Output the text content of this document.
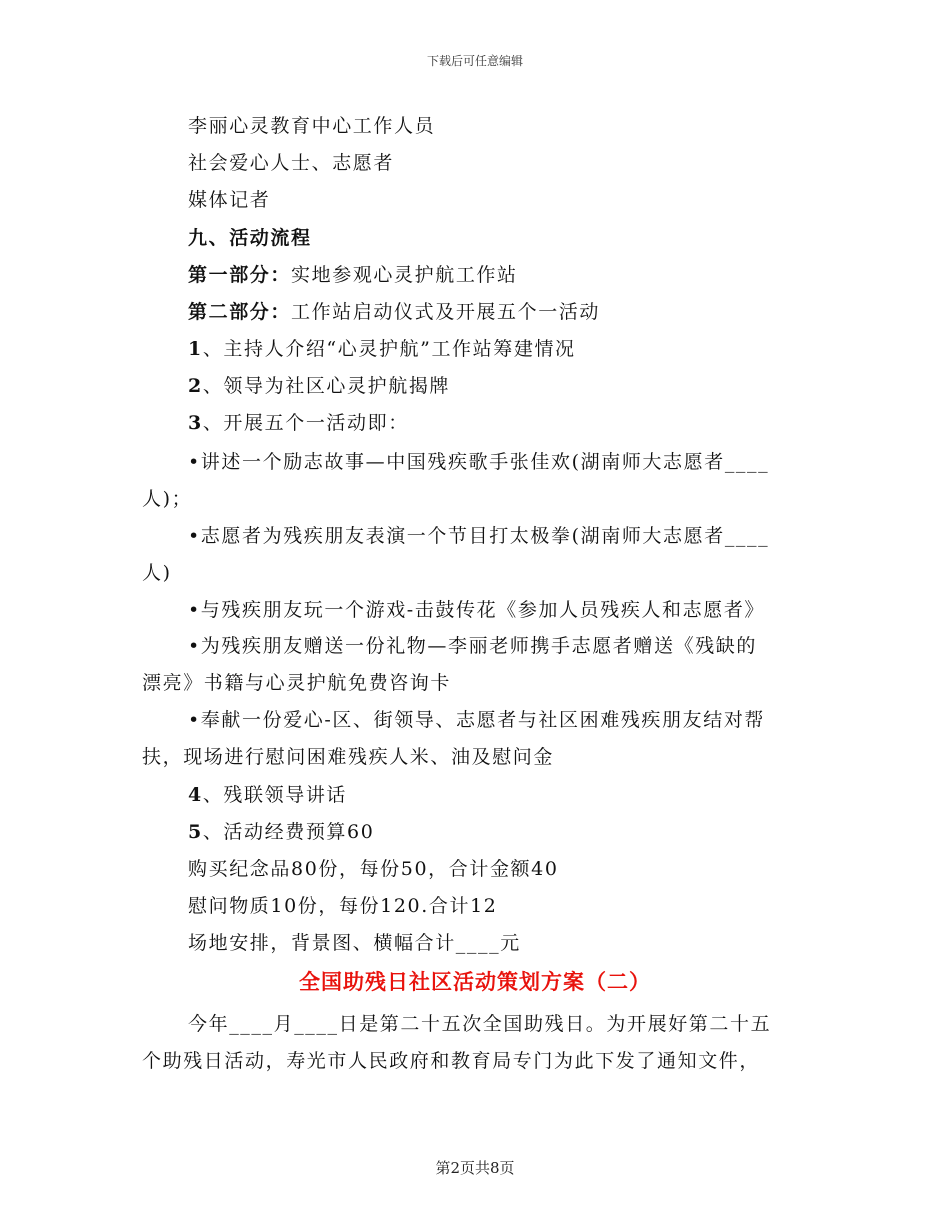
下载后可任意编辑
李丽心灵教育中心工作人员
社会爱心人士、志愿者
媒体记者
九、活动流程
第一部分：实地参观心灵护航工作站
第二部分：工作站启动仪式及开展五个一活动
1、主持人介绍“心灵护航”工作站筹建情况
2、领导为社区心灵护航揭牌
3、开展五个一活动即：
•讲述一个励志故事—中国残疾歌手张佳欢(湖南师大志愿者____
人)；
•志愿者为残疾朋友表演一个节目打太极拳(湖南师大志愿者____
人)
•与残疾朋友玩一个游戏-击鼓传花《参加人员残疾人和志愿者》
•为残疾朋友赠送一份礼物—李丽老师携手志愿者赠送《残缺的
漂亮》书籍与心灵护航免费咨询卡
•奉献一份爱心-区、街领导、志愿者与社区困难残疾朋友结对帮
扶，现场进行慰问困难残疾人米、油及慰问金
4、残联领导讲话
5、活动经费预算60
购买纪念品80份，每份50，合计金额40
慰问物质10份，每份120.合计12
场地安排，背景图、横幅合计____元
全国助残日社区活动策划方案（二）
今年____月____日是第二十五次全国助残日。为开展好第二十五
个助残日活动，寿光市人民政府和教育局专门为此下发了通知文件，
第2页共8页
